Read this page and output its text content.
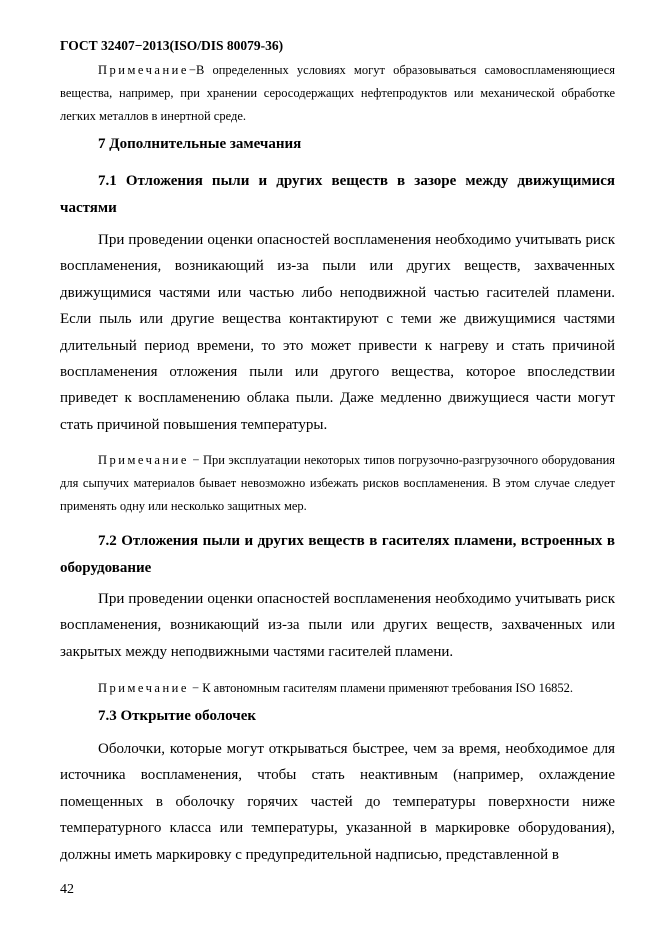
ГОСТ 32407−2013(ISO/DIS 80079-36)
Примечание−В определенных условиях могут образовываться самовоспламеняющиеся вещества, например, при хранении серосодержащих нефтепродуктов или механической обработке легких металлов в инертной среде.
7 Дополнительные замечания
7.1 Отложения пыли и других веществ в зазоре между движущимися частями
При проведении оценки опасностей воспламенения необходимо учитывать риск воспламенения, возникающий из-за пыли или других веществ, захваченных движущимися частями или частью либо неподвижной частью гасителей пламени. Если пыль или другие вещества контактируют с теми же движущимися частями длительный период времени, то это может привести к нагреву и стать причиной воспламенения отложения пыли или другого вещества, которое впоследствии приведет к воспламенению облака пыли. Даже медленно движущиеся части могут стать причиной повышения температуры.
Примечание − При эксплуатации некоторых типов погрузочно-разгрузочного оборудования для сыпучих материалов бывает невозможно избежать рисков воспламенения. В этом случае следует применять одну или несколько защитных мер.
7.2 Отложения пыли и других веществ в гасителях пламени, встроенных в оборудование
При проведении оценки опасностей воспламенения необходимо учитывать риск воспламенения, возникающий из-за пыли или других веществ, захваченных или закрытых между неподвижными частями гасителей пламени.
Примечание − К автономным гасителям пламени применяют требования ISO 16852.
7.3 Открытие оболочек
Оболочки, которые могут открываться быстрее, чем за время, необходимое для источника воспламенения, чтобы стать неактивным (например, охлаждение помещенных в оболочку горячих частей до температуры поверхности ниже температурного класса или температуры, указанной в маркировке оборудования), должны иметь маркировку с предупредительной надписью, представленной в
42
